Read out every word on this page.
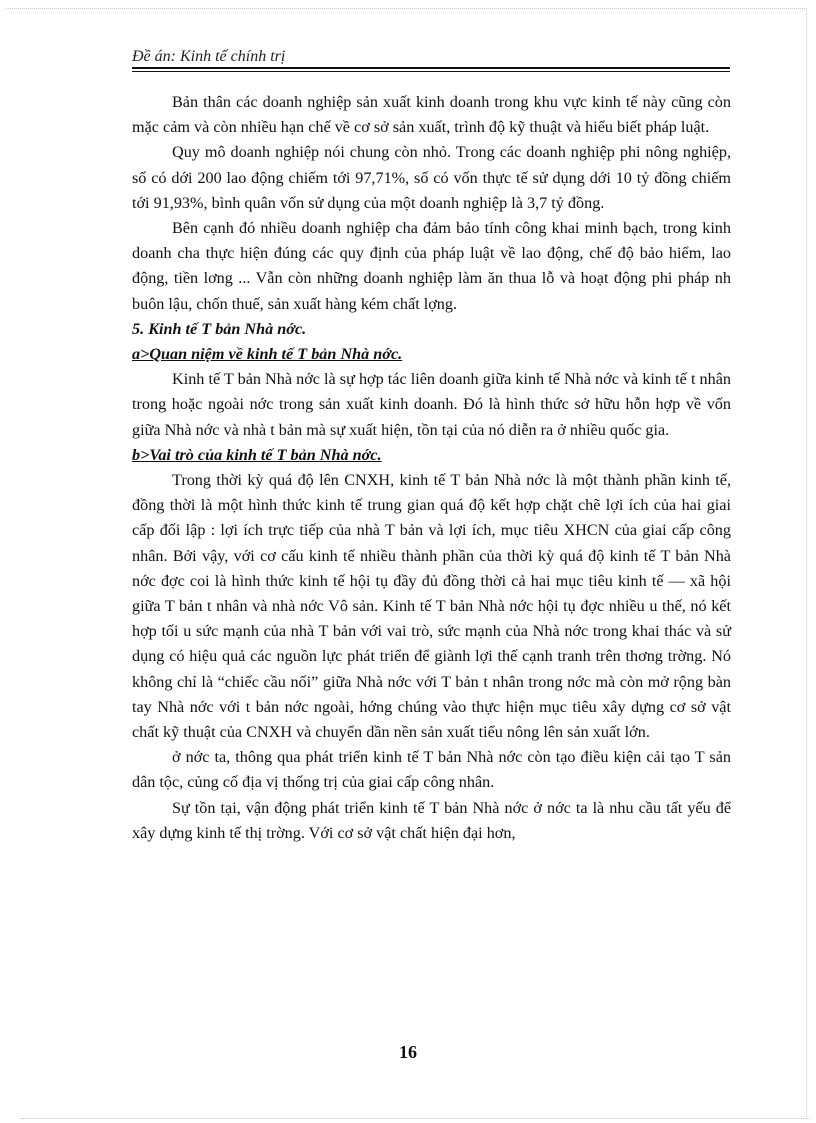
Đề án: Kinh tế chính trị

Bản thân các doanh nghiệp sản xuất kinh doanh trong khu vực kinh tế này cũng còn mặc cảm và còn nhiều hạn chế về cơ sở sản xuất, trình độ kỹ thuật và hiểu biết pháp luật.

Quy mô doanh nghiệp nói chung còn nhỏ. Trong các doanh nghiệp phi nông nghiệp, số có dới 200 lao động chiếm tới 97,71%, số có vốn thực tế sử dụng dới 10 tỷ đồng chiếm tới 91,93%, bình quân vốn sử dụng của một doanh nghiệp là 3,7 tỷ đồng.

Bên cạnh đó nhiều doanh nghiệp cha đảm bảo tính công khai minh bạch, trong kinh doanh cha thực hiện đúng các quy định của pháp luật về lao động, chế độ bảo hiểm, lao động, tiền lơng ... Vẫn còn những doanh nghiệp làm ăn thua lỗ và hoạt động phi pháp nh buôn lậu, chốn thuế, sản xuất hàng kém chất lợng.

5. Kinh tế T bản Nhà nớc.

a>Quan niệm về kinh tế T bản Nhà nớc.

Kinh tế T bản Nhà nớc là sự hợp tác liên doanh giữa kinh tế Nhà nớc và kinh tế t nhân trong hoặc ngoài nớc trong sản xuất kinh doanh. Đó là hình thức sở hữu hỗn hợp về vốn giữa Nhà nớc và nhà t bản mà sự xuất hiện, tồn tại của nó diễn ra ở nhiều quốc gia.

b>Vai trò của kinh tế T bản Nhà nớc.

Trong thời kỳ quá độ lên CNXH, kinh tế T bản Nhà nớc là một thành phần kinh tế, đồng thời là một hình thức kinh tế trung gian quá độ kết hợp chặt chẽ lợi ích của hai giai cấp đối lập : lợi ích trực tiếp của nhà T bản và lợi ích, mục tiêu XHCN của giai cấp công nhân. Bởi vậy, với cơ cấu kinh tế nhiều thành phần của thời kỳ quá độ kinh tế T bản Nhà nớc đợc coi là hình thức kinh tế hội tụ đầy đủ đồng thời cả hai mục tiêu kinh tế — xã hội giữa T bản t nhân và nhà nớc Vô sản. Kinh tế T bản Nhà nớc hội tụ đợc nhiều u thế, nó kết hợp tối u sức mạnh của nhà T bản với vai trò, sức mạnh của Nhà nớc trong khai thác và sử dụng có hiệu quả các nguồn lực phát triển để giành lợi thế cạnh tranh trên thơng trờng. Nó không chỉ là “chiếc cầu nối” giữa Nhà nớc với T bản t nhân trong nớc mà còn mở rộng bàn tay Nhà nớc với t bản nớc ngoài, hớng chúng vào thực hiện mục tiêu xây dựng cơ sở vật chất kỹ thuật của CNXH và chuyển dần nền sản xuất tiểu nông lên sản xuất lớn.

ở nớc ta, thông qua phát triển kinh tế T bản Nhà nớc còn tạo điều kiện cải tạo T sản dân tộc, củng cố địa vị thống trị của giai cấp công nhân.

Sự tồn tại, vận động phát triển kinh tế T bản Nhà nớc ở nớc ta là nhu cầu tất yếu để xây dựng kinh tế thị trờng. Với cơ sở vật chất hiện đại hơn,

16
